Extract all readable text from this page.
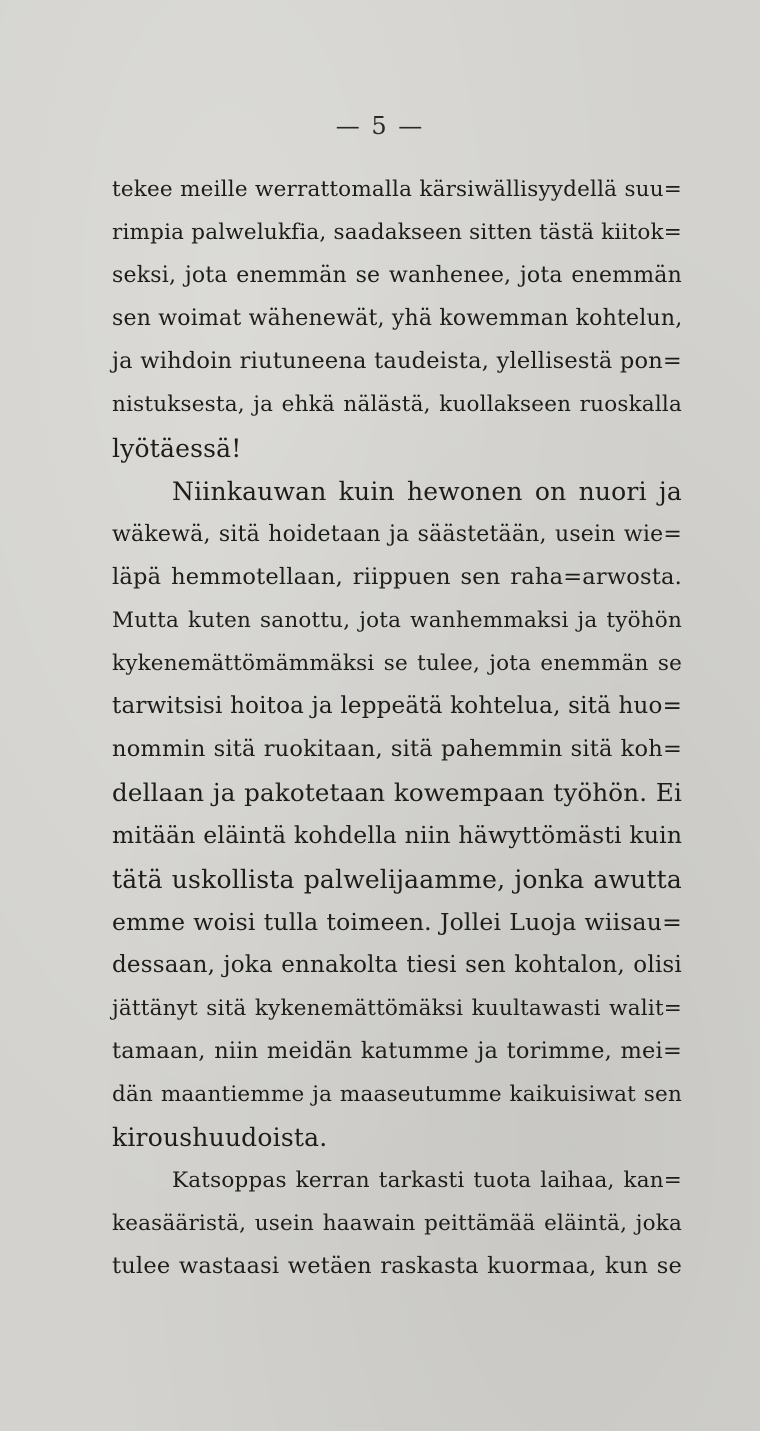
— 5 —
tekee meille werrattomalla kärsiwällisyydellä suu=
rimpia palwelukfia, saadakseen sitten tästä kiitok=
seksi, jota enemmän se wanhenee, jota enemmän
sen woimat wähenewät, yhä kowemman kohtelun,
ja wihdoin riutuneena taudeista, ylellisestä pon=
nistuksesta, ja ehkä nälästä, kuollakseen ruoskalla
lyötäessä!
Niinkauwan kuin hewonen on nuori ja
wäkewä, sitä hoidetaan ja säästetään, usein wie=
läpä hemmotellaan, riippuen sen raha=arwosta.
Mutta kuten sanottu, jota wanhemmaksi ja työhön
kykenemättömämmäksi se tulee, jota enemmän se
tarwitsisi hoitoa ja leppeätä kohtelua, sitä huo=
nommin sitä ruokitaan, sitä pahemmin sitä koh=
dellaan ja pakotetaan kowempaan työhön. Ei
mitään eläintä kohdella niin häwyttömästi kuin
tätä uskollista palwelijaamme, jonka awutta
emme woisi tulla toimeen. Jollei Luoja wiisau=
dessaan, joka ennakolta tiesi sen kohtalon, olisi
jättänyt sitä kykenemättömäksi kuultawasti walit=
tamaan, niin meidän katumme ja torimme, mei=
dän maantiemme ja maaseutumme kaikuisiwat sen
kiroushuudoista.
Katsoppas kerran tarkasti tuota laihaa, kan=
keasääristä, usein haawain peittämää eläintä, joka
tulee wastaasi wetäen raskasta kuormaa, kun se
